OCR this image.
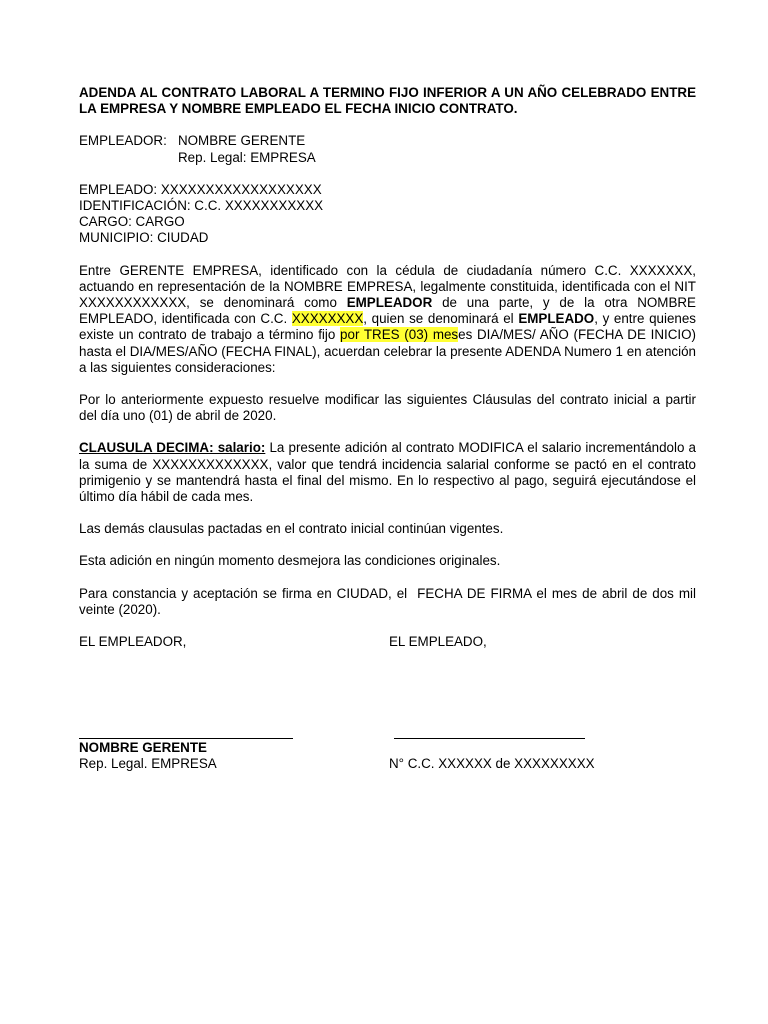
ADENDA AL CONTRATO LABORAL A TERMINO FIJO INFERIOR A UN AÑO CELEBRADO ENTRE LA EMPRESA Y NOMBRE EMPLEADO EL FECHA INICIO CONTRATO.

EMPLEADOR:   NOMBRE GERENTE
Rep. Legal: EMPRESA
EMPLEADO: XXXXXXXXXXXXXXXXXX
IDENTIFICACIÓN: C.C. XXXXXXXXXXX
CARGO: CARGO
MUNICIPIO: CIUDAD

Entre GERENTE EMPRESA, identificado con la cédula de ciudadanía número C.C. XXXXXXX, actuando en representación de la NOMBRE EMPRESA, legalmente constituida, identificada con el NIT XXXXXXXXXXXX, se denominará como EMPLEADOR de una parte, y de la otra NOMBRE EMPLEADO, identificada con C.C. XXXXXXXX, quien se denominará el EMPLEADO, y entre quienes existe un contrato de trabajo a término fijo por TRES (03) meses DIA/MES/ AÑO (FECHA DE INICIO) hasta el DIA/MES/AÑO (FECHA FINAL), acuerdan celebrar la presente ADENDA Numero 1 en atención a las siguientes consideraciones:

Por lo anteriormente expuesto resuelve modificar las siguientes Cláusulas del contrato inicial a partir del día uno (01) de abril de 2020.

CLAUSULA DECIMA: salario: La presente adición al contrato MODIFICA el salario incrementándolo a la suma de XXXXXXXXXXXXX, valor que tendrá incidencia salarial conforme se pactó en el contrato primigenio y se mantendrá hasta el final del mismo. En lo respectivo al pago, seguirá ejecutándose el último día hábil de cada mes.

Las demás clausulas pactadas en el contrato inicial continúan vigentes.

Esta adición en ningún momento desmejora las condiciones originales.

Para constancia y aceptación se firma en CIUDAD, el  FECHA DE FIRMA el mes de abril de dos mil veinte (2020).

EL EMPLEADOR,	EL EMPLEADO,
NOMBRE GERENTE
Rep. Legal. EMPRESA	N° C.C. XXXXXX de XXXXXXXXX
